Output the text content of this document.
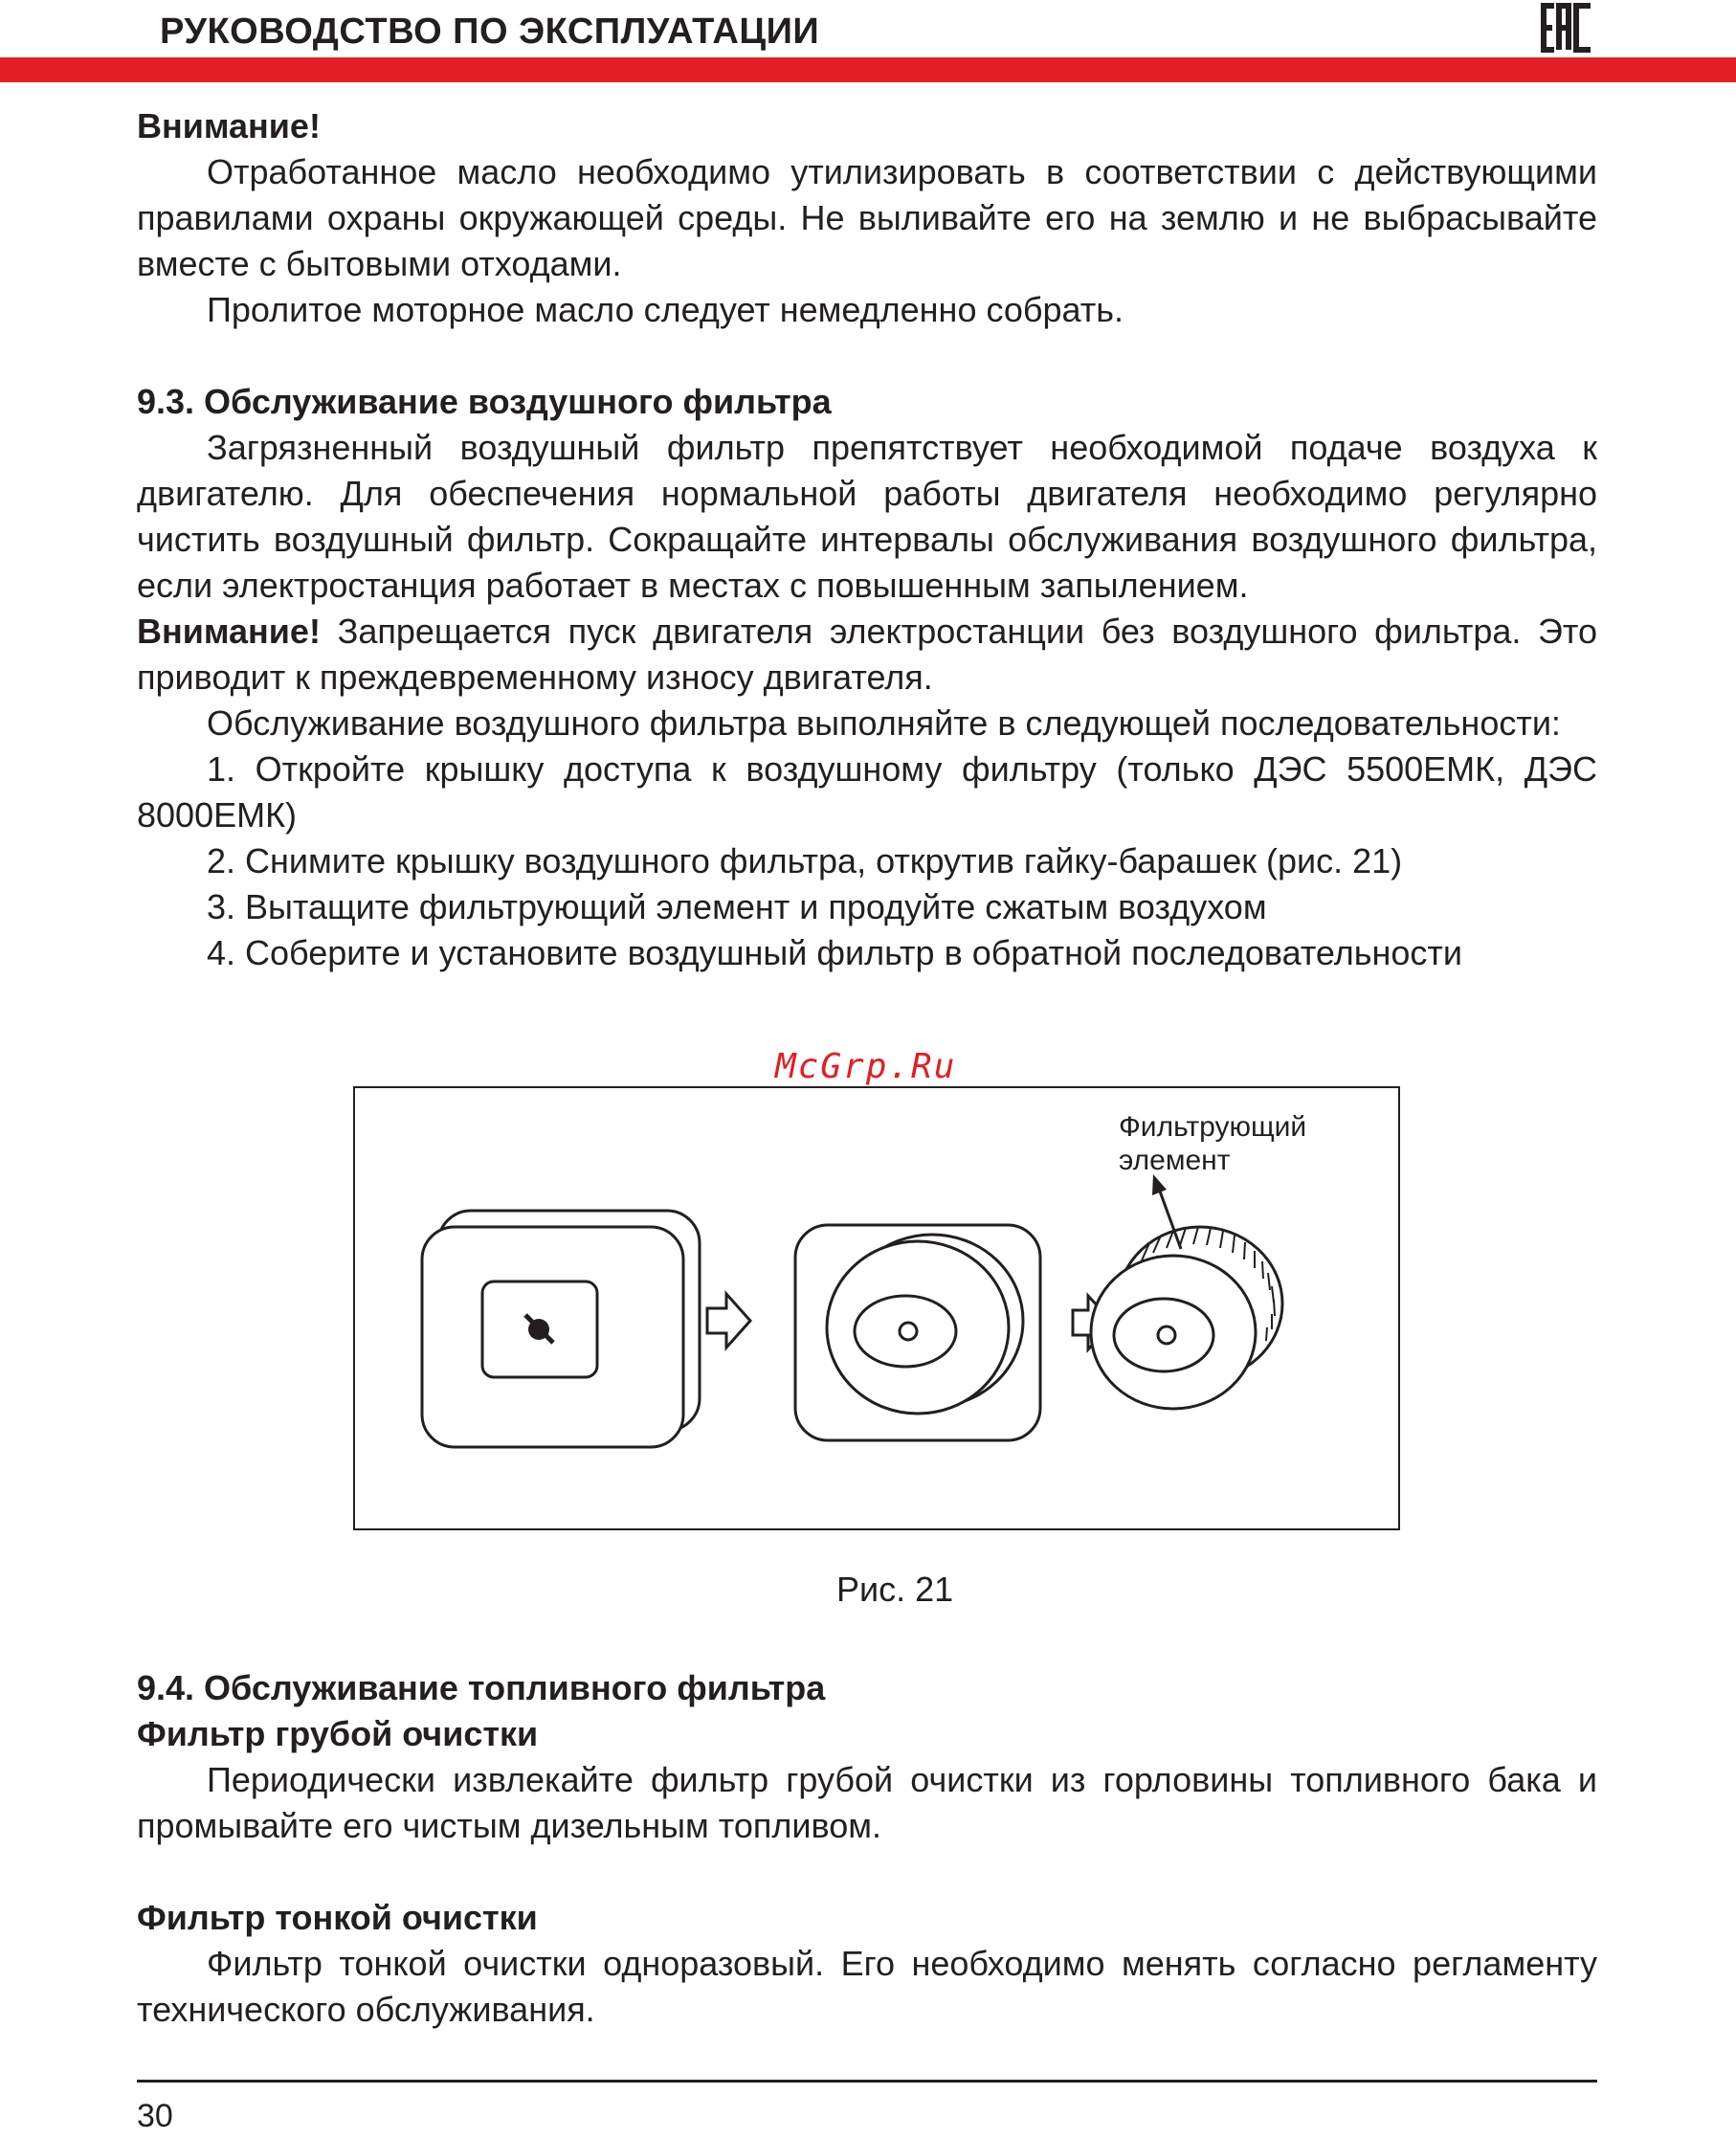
РУКОВОДСТВО ПО ЭКСПЛУАТАЦИИ

Внимание!

Отработанное масло необходимо утилизировать в соответствии с действующими правилами охраны окружающей среды. Не выливайте его на землю и не выбрасывайте вместе с бытовыми отходами.

Пролитое моторное масло следует немедленно собрать.

9.3. Обслуживание воздушного фильтра

Загрязненный воздушный фильтр препятствует необходимой подаче воздуха к двигателю. Для обеспечения нормальной работы двигателя необходимо регулярно чистить воздушный фильтр. Сокращайте интервалы обслуживания воздушного фильтра, если электростанция работает в местах с повышенным запылением.

Внимание! Запрещается пуск двигателя электростанции без воздушного фильтра. Это приводит к преждевременному износу двигателя.

Обслуживание воздушного фильтра выполняйте в следующей последовательности:

1. Откройте крышку доступа к воздушному фильтру (только ДЭС 5500ЕМК, ДЭС 8000ЕМК)

2. Снимите крышку воздушного фильтра, открутив гайку-барашек (рис. 21)

3. Вытащите фильтрующий элемент и продуйте сжатым воздухом

4. Соберите и установите воздушный фильтр в обратной последовательности

McGrp.Ru
Фильтрующий
элемент
Рис. 21

9.4. Обслуживание топливного фильтра

Фильтр грубой очистки

Периодически извлекайте фильтр грубой очистки из горловины топливного бака и промывайте его чистым дизельным топливом.

Фильтр тонкой очистки

Фильтр тонкой очистки одноразовый. Его необходимо менять согласно регламенту технического обслуживания.

30
